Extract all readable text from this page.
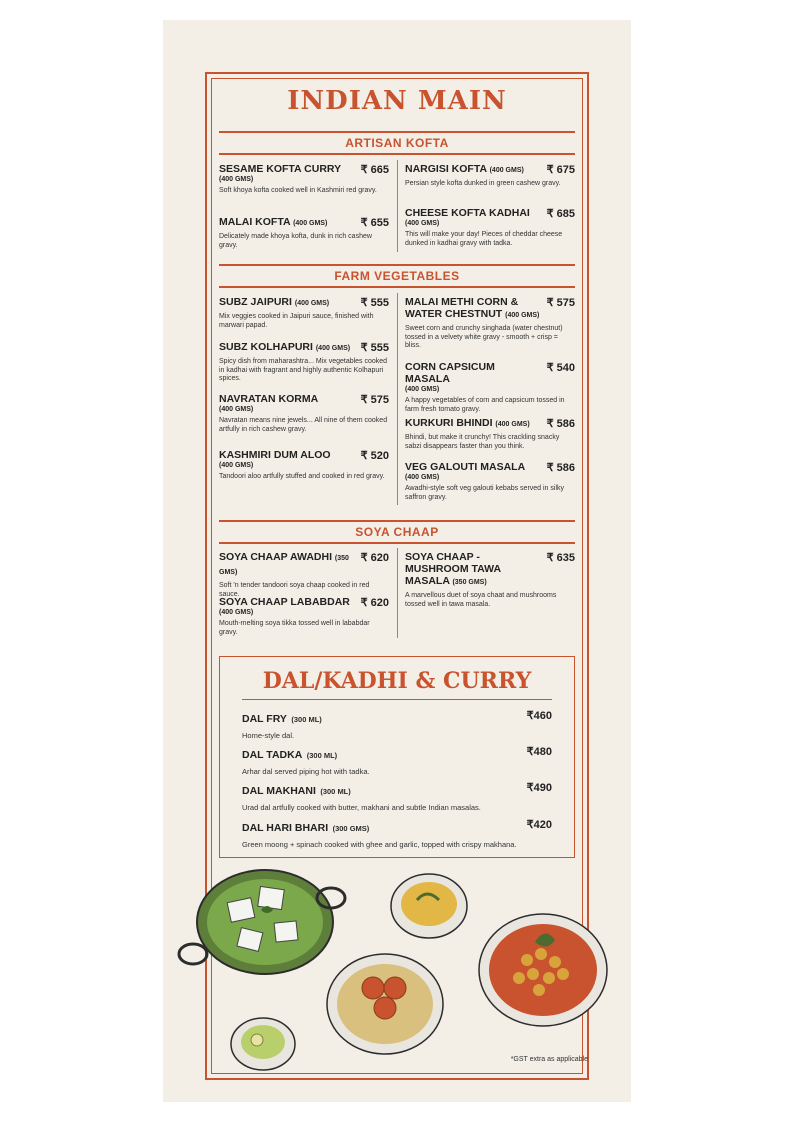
INDIAN MAIN
ARTISAN KOFTA
SESAME KOFTA CURRY
(400 GMS)
₹ 665
Soft khoya kofta cooked well in Kashmiri red gravy.
MALAI KOFTA (400 GMS)	₹ 655
Delicately made khoya kofta, dunk in rich cashew gravy.
NARGISI KOFTA (400 GMS)	₹ 675
Persian style kofta dunked in green cashew gravy.
CHEESE KOFTA KADHAI
(400 GMS)
₹ 685
This will make your day! Pieces of cheddar cheese dunked in kadhai gravy with tadka.
FARM VEGETABLES
SUBZ JAIPURI (400 GMS)	₹ 555
Mix veggies cooked in Jaipuri sauce, finished with marwari papad.
SUBZ KOLHAPURI (400 GMS) ₹ 555
Spicy dish from maharashtra... Mix vegetables cooked in kadhai with fragrant and highly authentic Kolhapuri spices.
NAVRATAN KORMA
(400 GMS)
₹ 575
Navratan means nine jewels... All nine of them cooked artfully in rich cashew gravy.
KASHMIRI DUM ALOO
(400 GMS)
₹ 520
Tandoori aloo artfully stuffed and cooked in red gravy.
MALAI METHI CORN & WATER CHESTNUT (400 GMS)
₹ 575
Sweet corn and crunchy singhada (water chestnut) tossed in a velvety white gravy - smooth + crisp = bliss.
CORN CAPSICUM MASALA
(400 GMS)
₹ 540
A happy vegetables of corn and capsicum tossed in farm fresh tomato gravy.
KURKURI BHINDI (400 GMS)	₹ 586
Bhindi, but make it crunchy! This crackling snacky sabzi disappears faster than you think.
VEG GALOUTI MASALA
(400 GMS)
₹ 586
Awadhi-style soft veg galouti kebabs served in silky saffron gravy.
SOYA CHAAP
SOYA CHAAP AWADHI (350 GMS)
₹ 620
Soft 'n tender tandoori soya chaap cooked in red sauce.
SOYA CHAAP LABABDAR
(400 GMS)
₹ 620
Mouth-melting soya tikka tossed well in lababdar gravy.
SOYA CHAAP - MUSHROOM TAWA MASALA (350 GMS)
₹ 635
A marvellous duet of soya chaat and mushrooms tossed well in tawa masala.
DAL/KADHI & CURRY
DAL FRY (300 ML)	₹460
Home-style dal.
DAL TADKA (300 ML)	₹480
Arhar dal served piping hot with tadka.
DAL MAKHANI (300 ML)	₹490
Urad dal artfully cooked with butter, makhani and subtle Indian masalas.
DAL HARI BHARI (300 GMS)	₹420
Green moong + spinach cooked with ghee and garlic, topped with crispy makhana.
*GST extra as applicable
